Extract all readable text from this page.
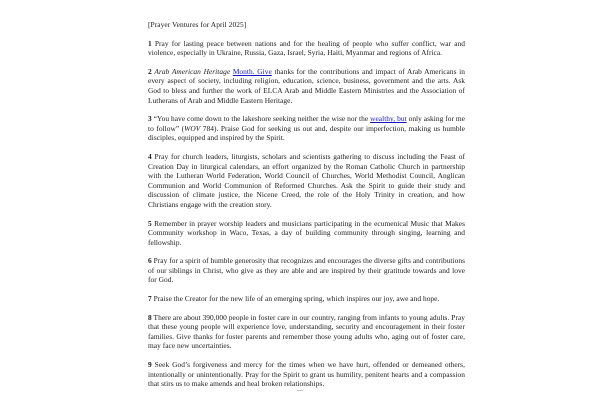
[Prayer Ventures for April 2025]

1 Pray for lasting peace between nations and for the healing of people who suffer conflict, war and violence, especially in Ukraine, Russia, Gaza, Israel, Syria, Haiti, Myanmar and regions of Africa.

2 Arab American Heritage Month. Give thanks for the contributions and impact of Arab Americans in every aspect of society, including religion, education, science, business, government and the arts. Ask God to bless and further the work of ELCA Arab and Middle Eastern Ministries and the Association of Lutherans of Arab and Middle Eastern Heritage.

3 “You have come down to the lakeshore seeking neither the wise nor the wealthy, but only asking for me to follow” (WOV 784). Praise God for seeking us out and, despite our imperfection, making us humble disciples, equipped and inspired by the Spirit.

4 Pray for church leaders, liturgists, scholars and scientists gathering to discuss including the Feast of Creation Day in liturgical calendars, an effort organized by the Roman Catholic Church in partnership with the Lutheran World Federation, World Council of Churches, World Methodist Council, Anglican Communion and World Communion of Reformed Churches. Ask the Spirit to guide their study and discussion of climate justice, the Nicene Creed, the role of the Holy Trinity in creation, and how Christians engage with the creation story.

5 Remember in prayer worship leaders and musicians participating in the ecumenical Music that Makes Community workshop in Waco, Texas, a day of building community through singing, learning and fellowship.

6 Pray for a spirit of humble generosity that recognizes and encourages the diverse gifts and contributions of our siblings in Christ, who give as they are able and are inspired by their gratitude towards and love for God.

7 Praise the Creator for the new life of an emerging spring, which inspires our joy, awe and hope.

8 There are about 390,000 people in foster care in our country, ranging from infants to young adults. Pray that these young people will experience love, understanding, security and encouragement in their foster families. Give thanks for foster parents and remember those young adults who, aging out of foster care, may face new uncertainties.

9 Seek God’s forgiveness and mercy for the times when we have hurt, offended or demeaned others, intentionally or unintentionally. Pray for the Spirit to grant us humility, penitent hearts and a compassion that stirs us to make amends and heal broken relationships.
